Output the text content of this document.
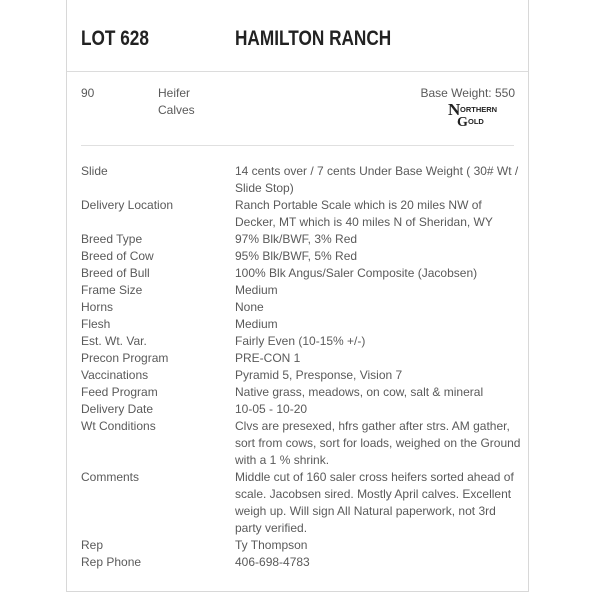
LOT 628	HAMILTON RANCH
90	Heifer
Calves
Base Weight: 550
N ORTHERN
G OLD
Slide	14 cents over / 7 cents Under Base Weight ( 30# Wt / Slide Stop)
Delivery Location	Ranch Portable Scale which is 20 miles NW of Decker, MT which is 40 miles N of Sheridan, WY
Breed Type	97% Blk/BWF, 3% Red
Breed of Cow	95% Blk/BWF, 5% Red
Breed of Bull	100% Blk Angus/Saler Composite (Jacobsen)
Frame Size	Medium
Horns	None
Flesh	Medium
Est. Wt. Var.	Fairly Even (10-15% +/-)
Precon Program	PRE-CON 1
Vaccinations	Pyramid 5, Presponse, Vision 7
Feed Program	Native grass, meadows, on cow, salt & mineral
Delivery Date	10-05 - 10-20
Wt Conditions	Clvs are presexed, hfrs gather after strs. AM gather, sort from cows, sort for loads, weighed on the Ground with a 1 % shrink.
Comments	Middle cut of 160 saler cross heifers sorted ahead of scale. Jacobsen sired. Mostly April calves. Excellent weigh up. Will sign All Natural paperwork, not 3rd party verified.
Rep	Ty Thompson
Rep Phone	406-698-4783
